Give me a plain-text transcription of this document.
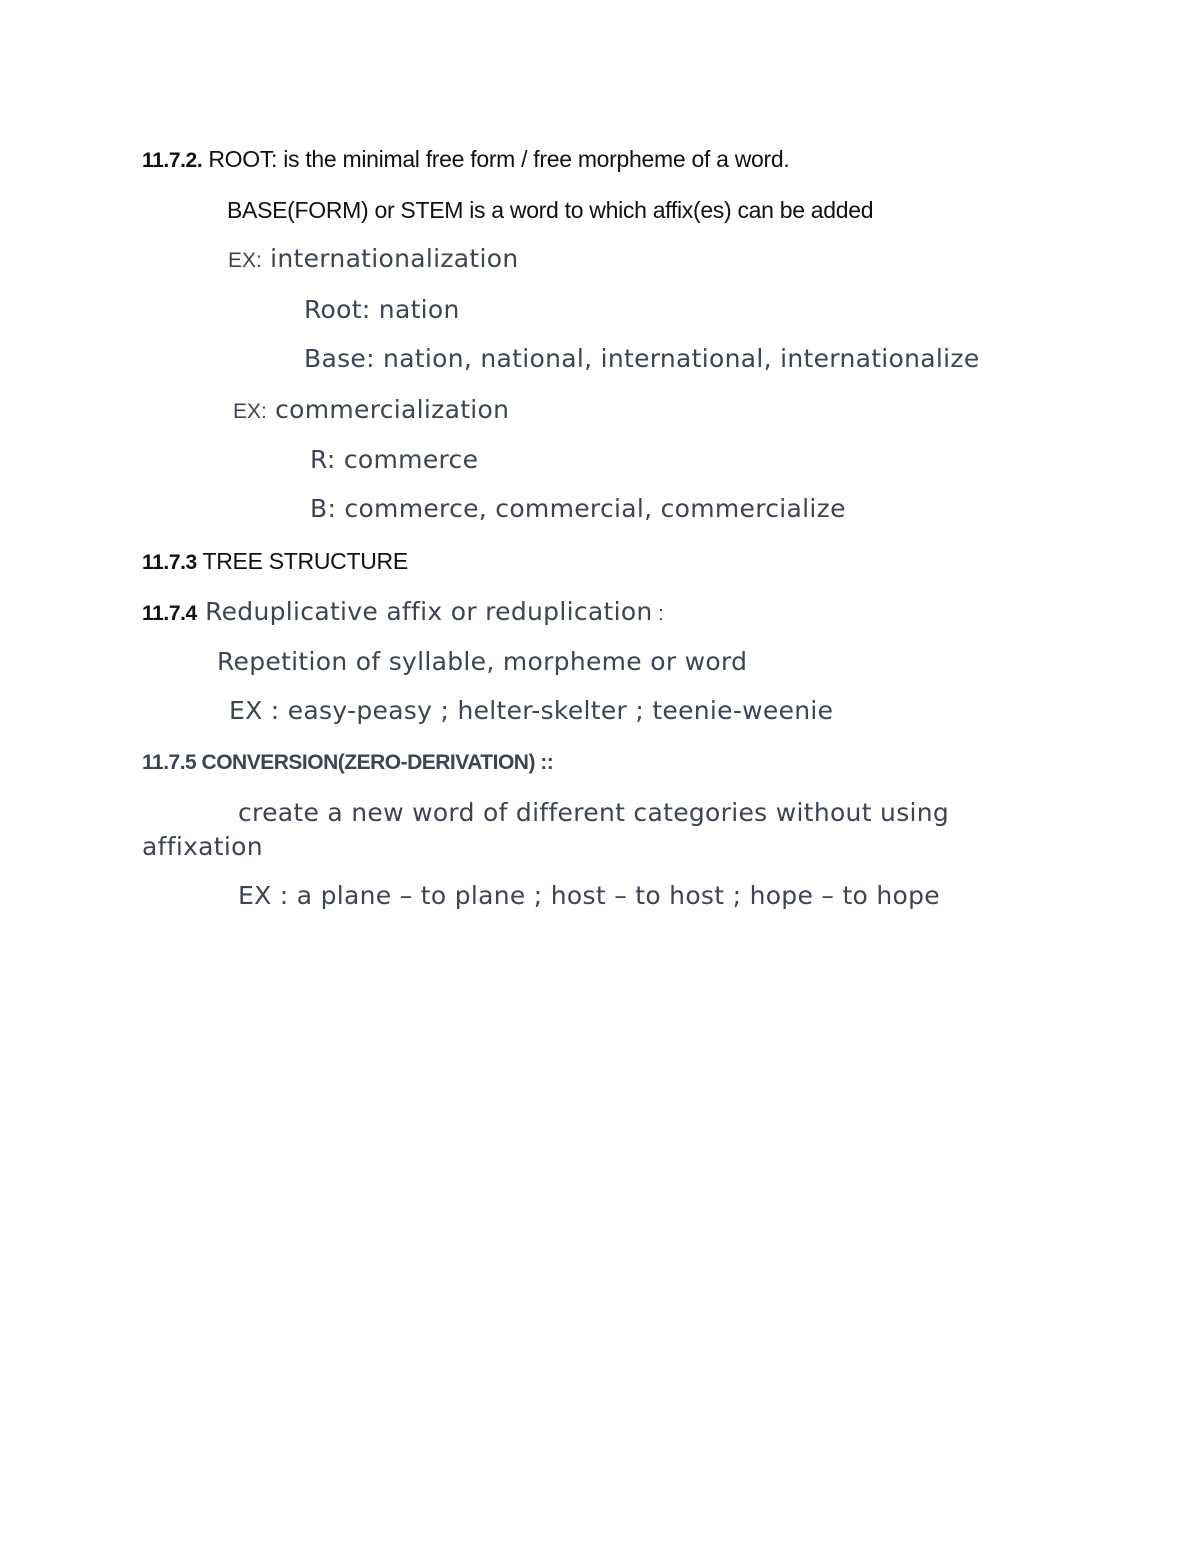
11.7.2. ROOT: is the minimal free form / free morpheme of a word.
BASE(FORM) or STEM is a word to which affix(es) can be added
EX: internationalization
Root: nation
Base: nation, national, international, internationalize
EX: commercialization
R: commerce
B: commerce, commercial, commercialize
11.7.3 TREE STRUCTURE
11.7.4 Reduplicative affix or reduplication :
Repetition of syllable, morpheme or word
EX : easy-peasy ; helter-skelter ; teenie-weenie
11.7.5 CONVERSION(ZERO-DERIVATION) ::
create a new word of different categories without using
affixation
EX : a plane – to plane ; host – to host ; hope – to hope
